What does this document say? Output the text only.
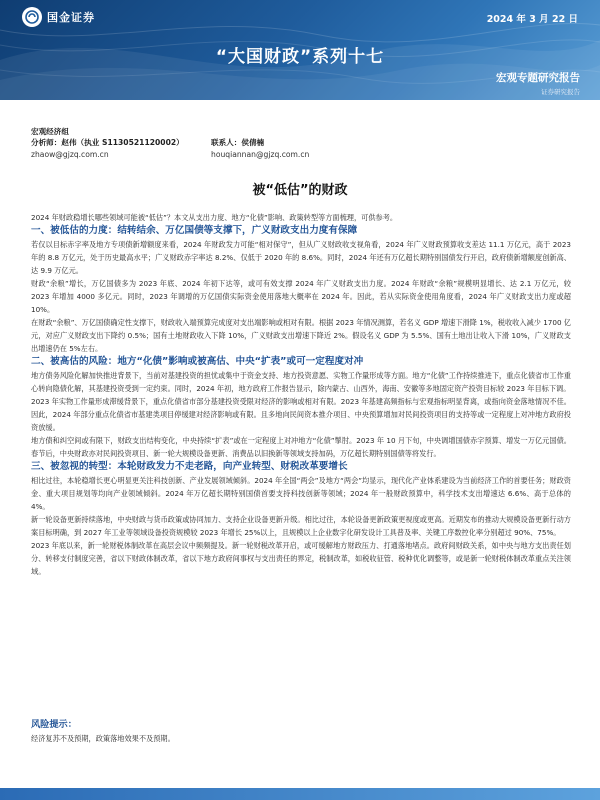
国金证券	2024 年 3 月 22 日
“大国财政”系列十七
宏观专题研究报告
证券研究报告
宏观经济组
分析师：赵伟（执业 S1130521120002）	联系人：侯倩楠
zhaow@gjzq.com.cn	houqiannan@gjzq.com.cn
被“低估”的财政

2024 年财政稳增长哪些领域可能被“低估”？本文从支出力度、地方“化债”影响、政策转型等方面梳理，可供参考。

一、被低估的力度：结转结余、万亿国债等支撑下，广义财政支出力度有保障

若仅以目标赤字率及地方专项债新增额度来看，2024 年财政发力可能“相对保守”，但从广义财政收支视角看，2024 年广义财政预算收支差达 11.1 万亿元，高于 2023 年的 8.8 万亿元，处于历史最高水平；广义财政赤字率达 8.2%、仅低于 2020 年的 8.6%。同时，2024 年还有万亿超长期特别国债发行开启，政府债新增额度创新高、达 9.9 万亿元。

财政“余粮”增长，万亿国债多为 2023 年底、2024 年初下达等，或可有效支撑 2024 年广义财政支出力度。2024 年财政“余粮”规模明显增长、达 2.1 万亿元，较 2023 年增加 4000 多亿元。同时，2023 年调增的万亿国债实际资金使用落地大概率在 2024 年。因此，若从实际资金使用角度看，2024 年广义财政支出力度或超 10%。

在财政“余粮”、万亿国债确定性支撑下，财政收入端预算完成度对支出端影响或相对有限。根据 2023 年情况测算，若名义 GDP 增速下滑降 1%，税收收入减少 1700 亿元，对应广义财政支出下降约 0.5%；国有土地财政收入下降 10%，广义财政支出增速下降近 2%。假设名义 GDP 为 5.5%、国有土地出让收入下滑 10%，广义财政支出增速仍在 5%左右。

二、被高估的风险：地方“化债”影响或被高估、中央“扩表”或可一定程度对冲

地方债务风险化解加快推进背景下，当前对基建投资的担忧或集中于资金支持、地方投资意愿、实物工作量形成等方面。地方“化债”工作持续推进下，重点化债省市工作重心转向隐债化解，其基建投资受到一定约束。同时，2024 年初，地方政府工作报告显示，除内蒙古、山西外，海南、安徽等多地固定资产投资目标较 2023 年目标下调。

2023 年实物工作量形成滞缓背景下，重点化债省市部分基建投资受限对经济的影响或相对有限。2023 年基建高频指标与宏观指标明显背离，或指向资金落地情况不佳。因此，2024 年部分重点化债省市基建类项目停缓建对经济影响或有限。且多地向民间资本推介项目、中央预算增加对民间投资项目的支持等或一定程度上对冲地方政府投资放缓。

地方债和纠空间或有限下，财政支出结构变化，中央持续“扩表”或在一定程度上对冲地方“化债”掣肘。2023 年 10 月下旬，中央调增国债赤字预算、增发一万亿元国债。春节后，中央财政亦对民间投资项目、新一轮大规模设备更新、消费品以旧换新等领域支持加码，万亿超长期特别国债等将发行。

三、被忽视的转型：本轮财政发力不走老路，向产业转型、财税改革要增长

相比过往，本轮稳增长更心明显更关注科技创新、产业发展领域倾斜。2024 年全国“两会”及地方“两会”均显示，现代化产业体系建设为当前经济工作的首要任务；财政资金、重大项目规划等均向产业领域倾斜。2024 年万亿超长期特别国债首要支持科技创新等领域；2024 年一般财政预算中，科学技术支出增速达 6.6%、高于总体的 4%。

新一轮设备更新持续落地，中央财政与货币政策或协同加力、支持企业设备更新升级。相比过往，本轮设备更新政策更视度或更高。近期发布的推动大规模设备更新行动方案目标明确，到 2027 年工业等领域设备投资规模较 2023 年增长 25%以上，且规模以上企业数字化研发设计工具普及率、关键工序数控化率分别超过 90%、75%。

2023 年底以来，新一轮财税体制改革在高层会议中频频提及。新一轮财税改革开启，或可缓解地方财政压力、打通落地堵点。政府间财政关系，如中央与地方支出责任划分、转移支付制度完善，省以下财政体制改革，省以下地方政府间事权与支出责任的界定，税制改革，如税收征管、税种优化调整等，或是新一轮财税体制改革重点关注领域。

风险提示：

经济复苏不及预期，政策落地效果不及预期。
